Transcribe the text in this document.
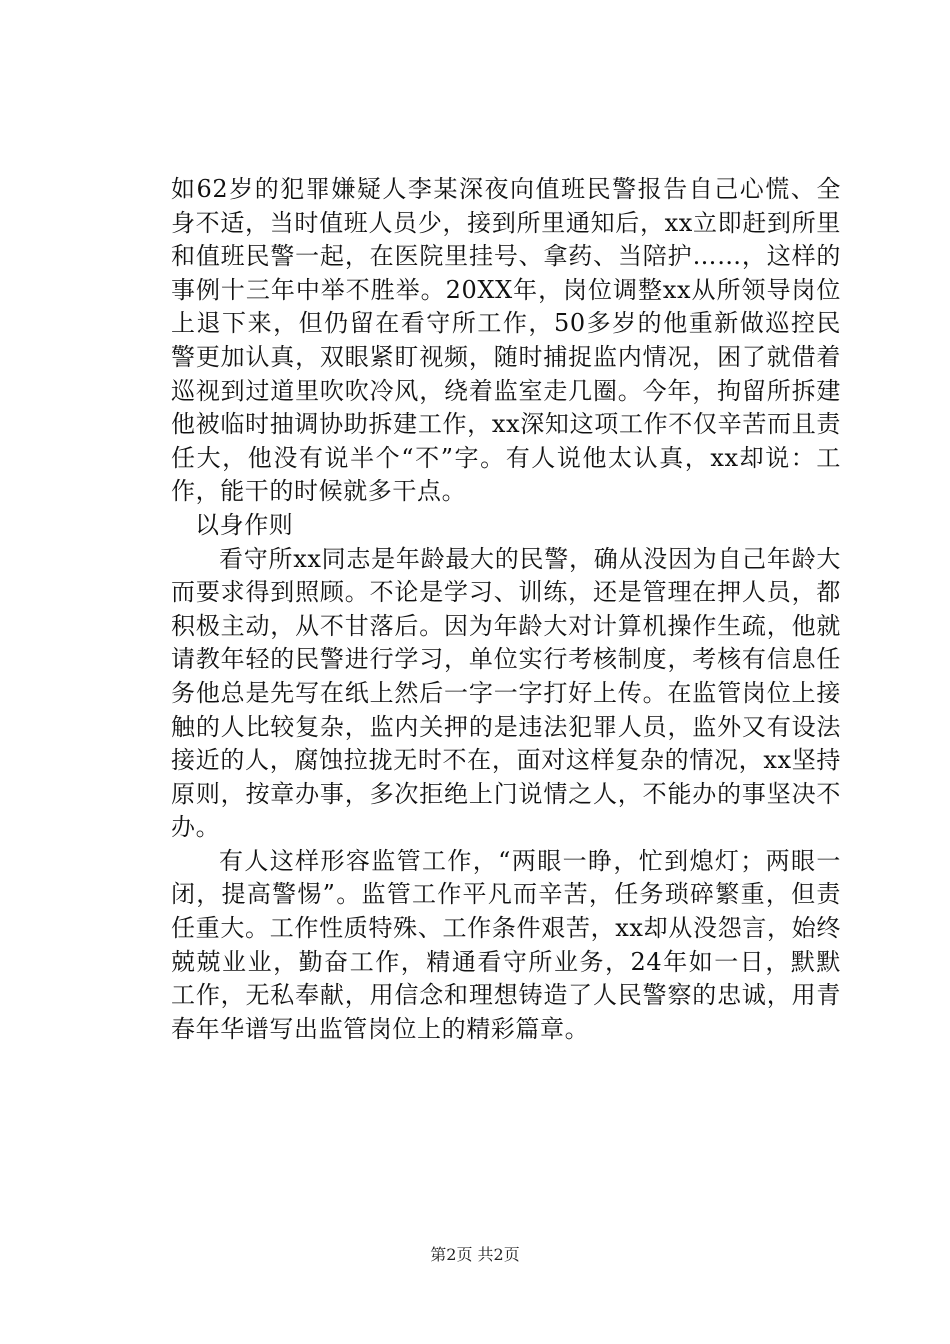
如62岁的犯罪嫌疑人李某深夜向值班民警报告自己心慌、全身不适，当时值班人员少，接到所里通知后，xx立即赶到所里和值班民警一起，在医院里挂号、拿药、当陪护……，这样的事例十三年中举不胜举。20XX年，岗位调整xx从所领导岗位上退下来，但仍留在看守所工作，50多岁的他重新做巡控民警更加认真，双眼紧盯视频，随时捕捉监内情况，困了就借着巡视到过道里吹吹冷风，绕着监室走几圈。今年，拘留所拆建他被临时抽调协助拆建工作，xx深知这项工作不仅辛苦而且责任大，他没有说半个“不”字。有人说他太认真，xx却说：工作，能干的时候就多干点。

以身作则

看守所xx同志是年龄最大的民警，确从没因为自己年龄大而要求得到照顾。不论是学习、训练，还是管理在押人员，都积极主动，从不甘落后。因为年龄大对计算机操作生疏，他就请教年轻的民警进行学习，单位实行考核制度，考核有信息任务他总是先写在纸上然后一字一字打好上传。在监管岗位上接触的人比较复杂，监内关押的是违法犯罪人员，监外又有设法接近的人，腐蚀拉拢无时不在，面对这样复杂的情况，xx坚持原则，按章办事，多次拒绝上门说情之人，不能办的事坚决不办。

有人这样形容监管工作，“两眼一睁，忙到熄灯；两眼一闭，提高警惕”。监管工作平凡而辛苦，任务琐碎繁重，但责任重大。工作性质特殊、工作条件艰苦，xx却从没怨言，始终兢兢业业，勤奋工作，精通看守所业务，24年如一日，默默工作，无私奉献，用信念和理想铸造了人民警察的忠诚，用青春年华谱写出监管岗位上的精彩篇章。

第2页 共2页
